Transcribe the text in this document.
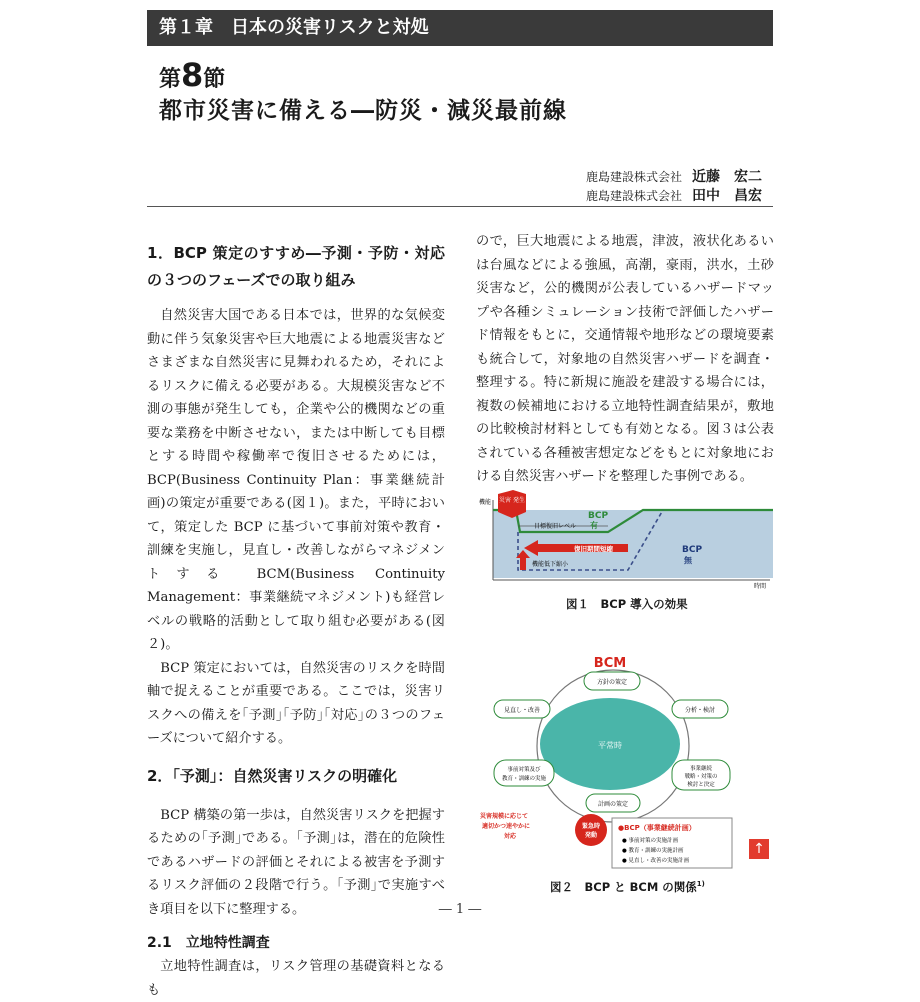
第１章　日本の災害リスクと対処
第8節
都市災害に備える―防災・減災最前線
鹿島建設株式会社 近藤　宏二
鹿島建設株式会社 田中　昌宏
1．BCP 策定のすすめ―予測・予防・対応の３つのフェーズでの取り組み

自然災害大国である日本では，世界的な気候変動に伴う気象災害や巨大地震による地震災害などさまざまな自然災害に見舞われるため，それによるリスクに備える必要がある。大規模災害など不測の事態が発生しても，企業や公的機関などの重要な業務を中断させない，または中断しても目標とする時間や稼働率で復旧させるためには，BCP(Business Continuity Plan：事業継続計画)の策定が重要である(図１)。また，平時において，策定した BCP に基づいて事前対策や教育・訓練を実施し，見直し・改善しながらマネジメントする BCM(Business Continuity Management：事業継続マネジメント)も経営レベルの戦略的活動として取り組む必要がある(図２)。

BCP 策定においては，自然災害のリスクを時間軸で捉えることが重要である。ここでは，災害リスクへの備えを｢予測｣｢予防｣｢対応｣の３つのフェーズについて紹介する。

2．｢予測｣：自然災害リスクの明確化

BCP 構築の第一歩は，自然災害リスクを把握するための｢予測｣である。｢予測｣は，潜在的危険性であるハザードの評価とそれによる被害を予測するリスク評価の２段階で行う。｢予測｣で実施すべき項目を以下に整理する。

2.1　立地特性調査

立地特性調査は，リスク管理の基礎資料となるも

ので，巨大地震による地震，津波，液状化あるいは台風などによる強風，高潮，豪雨，洪水，土砂災害など，公的機関が公表しているハザードマップや各種シミュレーション技術で評価したハザード情報をもとに，交通情報や地形などの環境要素も統合して，対象地の自然災害ハザードを調査・整理する。特に新規に施設を建設する場合には，複数の候補地における立地特性調査結果が，敷地の比較検討材料としても有効となる。図３は公表されている各種被害想定などをもとに対象地における自然災害ハザードを整理した事例である。

機能
時間
災害 発生
目標復旧レベル
BCP
有
復旧期間短縮
機能低下縮小
BCP
無
図１　BCP 導入の効果
BCM
平常時
方針の策定
分析・検討
事業継続
戦略・対策の
検討と決定
計画の策定
事前対策及び
教育・訓練の実施
見直し・改善
災害規模に応じて
適切かつ速やかに
対応
緊急時
発動
●BCP（事業継続計画）
● 事前対策の実施計画
● 教育・訓練の実施計画
● 見直し・改善の実施計画
図２　BCP と BCM の関係$^{1)}$
↑
― 1 ―
